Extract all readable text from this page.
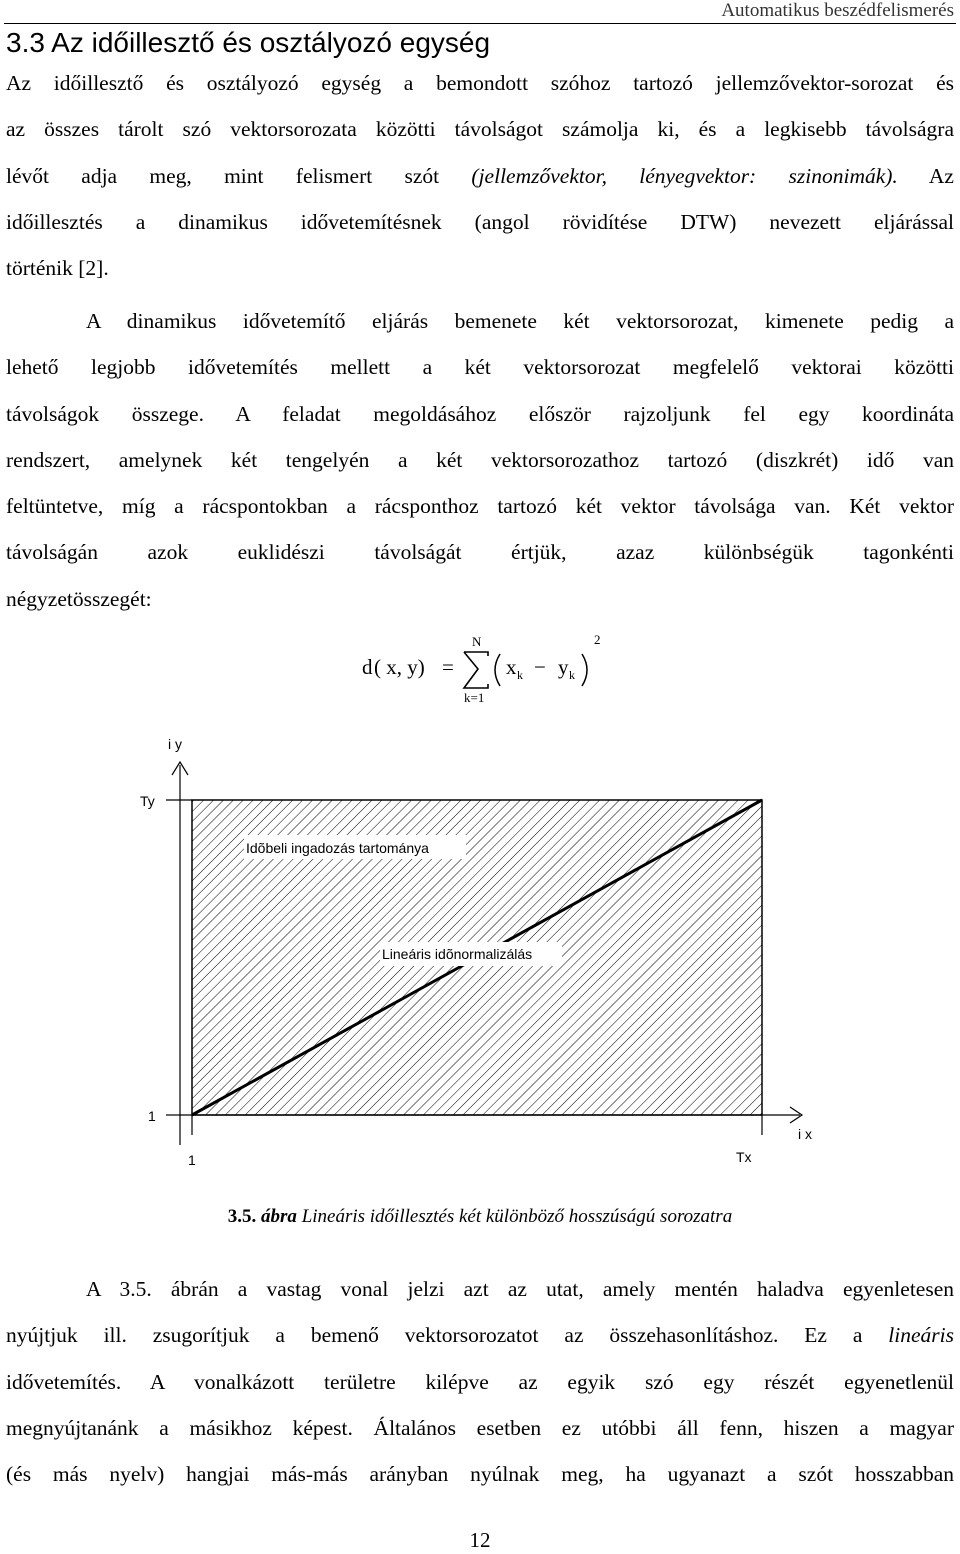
Automatikus beszédfelismerés
3.3 Az időillesztő és osztályozó egység
Az időillesztő és osztályozó egység a bemondott szóhoz tartozó jellemzővektor-sorozat és
az összes tárolt szó vektorsorozata közötti távolságot számolja ki, és a legkisebb távolságra
lévőt adja meg, mint felismert szót (jellemzővektor, lényegvektor: szinonimák). Az
időillesztés a dinamikus idővetemítésnek (angol rövidítése DTW) nevezett eljárással
történik [2].
A dinamikus idővetemítő eljárás bemenete két vektorsorozat, kimenete pedig a
lehető legjobb idővetemítés mellett a két vektorsorozat megfelelő vektorai közötti
távolságok összege. A feladat megoldásához először rajzoljunk fel egy koordináta
rendszert, amelynek két tengelyén a két vektorsorozathoz tartozó (diszkrét) idő van
feltüntetve, míg a rácspontokban a rácsponthoz tartozó két vektor távolsága van. Két vektor
távolságán azok euklidészi távolságát értjük, azaz különbségük tagonkénti
négyzetösszegét:
d ( x, y) =
N
k=1
x k − y k
2
Idõbeli ingadozás tartománya
Lineáris idõnormalizálás
i y
i x
Ty
Tx
1
1
3.5. ábra Lineáris időillesztés két különböző hosszúságú sorozatra
A 3.5. ábrán a vastag vonal jelzi azt az utat, amely mentén haladva egyenletesen
nyújtjuk ill. zsugorítjuk a bemenő vektorsorozatot az összehasonlításhoz. Ez a lineáris
idővetemítés. A vonalkázott területre kilépve az egyik szó egy részét egyenetlenül
megnyújtanánk a másikhoz képest. Általános esetben ez utóbbi áll fenn, hiszen a magyar
(és más nyelv) hangjai más-más arányban nyúlnak meg, ha ugyanazt a szót hosszabban
12
